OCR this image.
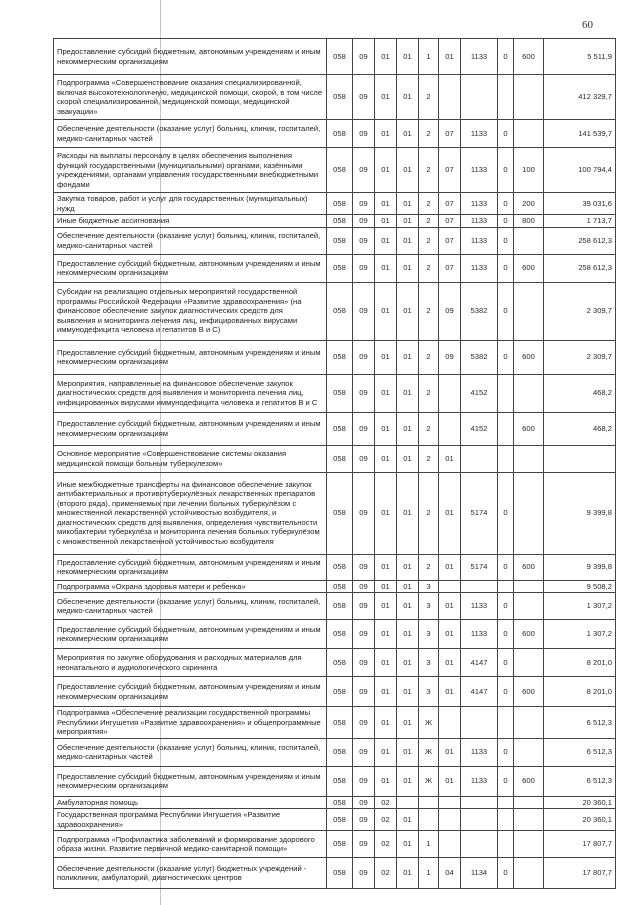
60
Предоставление субсидий бюджетным, автономным учреждениям и иным некоммерческим организациям	058	09	01	01	1	01	1133	0	600	5 511,9
Подпрограмма «Совершенствование оказания специализированной, включая высокотехнологичную, медицинской помощи, скорой, в том числе скорой специализированной, медицинской помощи, медицинской эвакуации»	058	09	01	01	2					412 329,7
Обеспечение деятельности (оказание услуг) больниц, клиник, госпиталей, медико-санитарных частей	058	09	01	01	2	07	1133	0		141 539,7
Расходы на выплаты персоналу в целях обеспечения выполнения функций государственными (муниципальными) органами, казёнными учреждениями, органами управления государственными внебюджетными фондами	058	09	01	01	2	07	1133	0	100	100 794,4
Закупка товаров, работ и услуг для государственных (муниципальных) нужд	058	09	01	01	2	07	1133	0	200	39 031,6
Иные бюджетные ассигнования	058	09	01	01	2	07	1133	0	800	1 713,7
Обеспечение деятельности (оказание услуг) больниц, клиник, госпиталей, медико-санитарных частей	058	09	01	01	2	07	1133	0		258 612,3
Предоставление субсидий бюджетным, автономным учреждениям и иным некоммерческим организациям	058	09	01	01	2	07	1133	0	600	258 612,3
Субсидии на реализацию отдельных мероприятий государственной программы Российской Федерации «Развитие здравоохранения» (на финансовое обеспечение закупок диагностических средств для выявления и мониторинга лечения лиц, инфицированных вирусами иммунодефицита человека и гепатитов В и С)	058	09	01	01	2	09	5382	0		2 309,7
Предоставление субсидий бюджетным, автономным учреждениям и иным некоммерческим организациям	058	09	01	01	2	09	5382	0	600	2 309,7
Мероприятия, направленные на финансовое обеспечение закупок диагностических средств для выявления и мониторинга лечения лиц, инфицированных вирусами иммунодефицита человека и гепатитов В и С	058	09	01	01	2		4152			468,2
Предоставление субсидий бюджетным, автономным учреждениям и иным некоммерческим организациям	058	09	01	01	2		4152		600	468,2
Основное мероприятие «Совершенствование системы оказания медицинской помощи больным туберкулезом»	058	09	01	01	2	01				
Иные межбюджетные трансферты на финансовое обеспечение закупок антибактериальных и противотуберкулёзных лекарственных препаратов (второго ряда), применяемых при лечении больных туберкулёзом с множественной лекарственной устойчивостью возбудителя, и диагностических средств для выявления, определения чувствительности микобактерии туберкулёза и мониторинга лечения больных туберкулёзом с множественной лекарственной устойчивостью возбудителя	058	09	01	01	2	01	5174	0		9 399,8
Предоставление субсидий бюджетным, автономным учреждениям и иным некоммерческим организациям	058	09	01	01	2	01	5174	0	600	9 399,8
Подпрограмма «Охрана здоровья матери и ребенка»	058	09	01	01	3					9 508,2
Обеспечение деятельности (оказание услуг) больниц, клиник, госпиталей, медико-санитарных частей	058	09	01	01	3	01	1133	0		1 307,2
Предоставление субсидий бюджетным, автономным учреждениям и иным некоммерческим организациям	058	09	01	01	3	01	1133	0	600	1 307,2
Мероприятия по закупке оборудования и расходных материалов для неонатального и аудиологического скрининга	058	09	01	01	3	01	4147	0		8 201,0
Предоставление субсидий бюджетным, автономным учреждениям и иным некоммерческим организациям	058	09	01	01	3	01	4147	0	600	8 201,0
Подпрограмма «Обеспечение реализации государственной программы Республики Ингушетия «Развитие здравоохранения» и общепрограммные мероприятия»	058	09	01	01	Ж					6 512,3
Обеспечение деятельности (оказание услуг) больниц, клиник, госпиталей, медико-санитарных частей	058	09	01	01	Ж	01	1133	0		6 512,3
Предоставление субсидий бюджетным, автономным учреждениям и иным некоммерческим организациям	058	09	01	01	Ж	01	1133	0	600	6 512,3
Амбулаторная помощь	058	09	02							20 360,1
Государственная программа Республики Ингушетия «Развитие здравоохранения»	058	09	02	01						20 360,1
Подпрограмма «Профилактика заболеваний и формирование здорового образа жизни. Развитие первичной медико-санитарной помощи»	058	09	02	01	1					17 807,7
Обеспечение деятельности (оказание услуг) бюджетных учреждений - поликлиник, амбулаторий, диагностических центров	058	09	02	01	1	04	1134	0		17 807,7
